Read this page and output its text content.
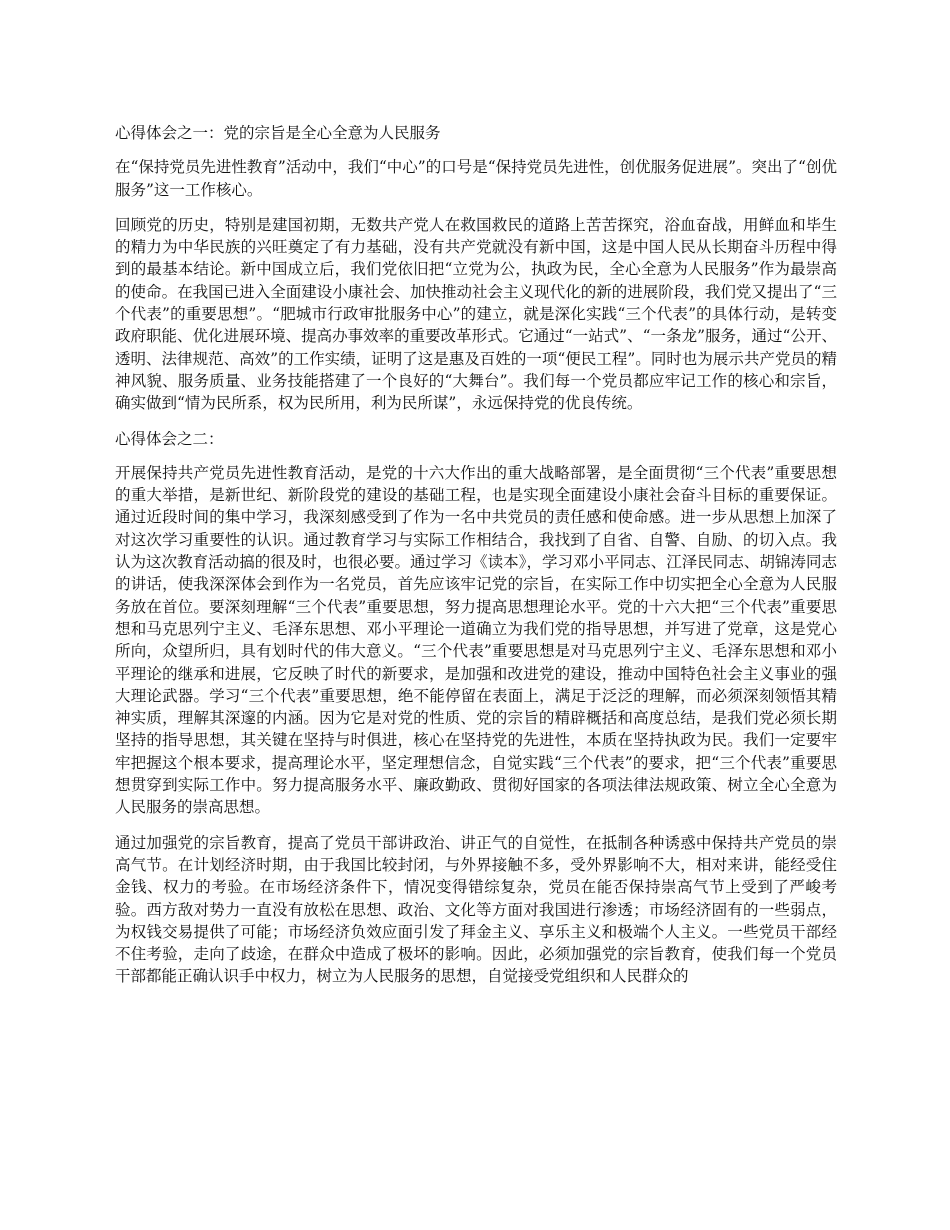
心得体会之一：党的宗旨是全心全意为人民服务

在“保持党员先进性教育”活动中，我们“中心”的口号是“保持党员先进性，创优服务促进展”。突出了“创优服务”这一工作核心。

回顾党的历史，特别是建国初期，无数共产党人在救国救民的道路上苦苦探究，浴血奋战，用鲜血和毕生的精力为中华民族的兴旺奠定了有力基础，没有共产党就没有新中国，这是中国人民从长期奋斗历程中得到的最基本结论。新中国成立后，我们党依旧把“立党为公，执政为民，全心全意为人民服务”作为最崇高的使命。在我国已进入全面建设小康社会、加快推动社会主义现代化的新的进展阶段，我们党又提出了“三个代表”的重要思想”。“肥城市行政审批服务中心”的建立，就是深化实践“三个代表”的具体行动，是转变政府职能、优化进展环境、提高办事效率的重要改革形式。它通过“一站式”、“一条龙”服务，通过“公开、透明、法律规范、高效”的工作实绩，证明了这是惠及百姓的一项“便民工程”。同时也为展示共产党员的精神风貌、服务质量、业务技能搭建了一个良好的“大舞台”。我们每一个党员都应牢记工作的核心和宗旨，确实做到“情为民所系，权为民所用，利为民所谋”，永远保持党的优良传统。

心得体会之二：

开展保持共产党员先进性教育活动，是党的十六大作出的重大战略部署，是全面贯彻“三个代表”重要思想的重大举措，是新世纪、新阶段党的建设的基础工程，也是实现全面建设小康社会奋斗目标的重要保证。通过近段时间的集中学习，我深刻感受到了作为一名中共党员的责任感和使命感。进一步从思想上加深了对这次学习重要性的认识。通过教育学习与实际工作相结合，我找到了自省、自警、自励、的切入点。我认为这次教育活动搞的很及时，也很必要。通过学习《读本》，学习邓小平同志、江泽民同志、胡锦涛同志的讲话，使我深深体会到作为一名党员，首先应该牢记党的宗旨，在实际工作中切实把全心全意为人民服务放在首位。要深刻理解“三个代表”重要思想，努力提高思想理论水平。党的十六大把“三个代表”重要思想和马克思列宁主义、毛泽东思想、邓小平理论一道确立为我们党的指导思想，并写进了党章，这是党心所向，众望所归，具有划时代的伟大意义。“三个代表”重要思想是对马克思列宁主义、毛泽东思想和邓小平理论的继承和进展，它反映了时代的新要求，是加强和改进党的建设，推动中国特色社会主义事业的强大理论武器。学习“三个代表”重要思想，绝不能停留在表面上，满足于泛泛的理解，而必须深刻领悟其精神实质，理解其深邃的内涵。因为它是对党的性质、党的宗旨的精辟概括和高度总结，是我们党必须长期坚持的指导思想，其关键在坚持与时俱进，核心在坚持党的先进性，本质在坚持执政为民。我们一定要牢牢把握这个根本要求，提高理论水平，坚定理想信念，自觉实践“三个代表”的要求，把“三个代表”重要思想贯穿到实际工作中。努力提高服务水平、廉政勤政、贯彻好国家的各项法律法规政策、树立全心全意为人民服务的崇高思想。

通过加强党的宗旨教育，提高了党员干部讲政治、讲正气的自觉性，在抵制各种诱惑中保持共产党员的崇高气节。在计划经济时期，由于我国比较封闭，与外界接触不多，受外界影响不大，相对来讲，能经受住金钱、权力的考验。在市场经济条件下，情况变得错综复杂，党员在能否保持崇高气节上受到了严峻考验。西方敌对势力一直没有放松在思想、政治、文化等方面对我国进行渗透；市场经济固有的一些弱点，为权钱交易提供了可能；市场经济负效应面引发了拜金主义、享乐主义和极端个人主义。一些党员干部经不住考验，走向了歧途，在群众中造成了极坏的影响。因此，必须加强党的宗旨教育，使我们每一个党员干部都能正确认识手中权力，树立为人民服务的思想，自觉接受党组织和人民群众的
